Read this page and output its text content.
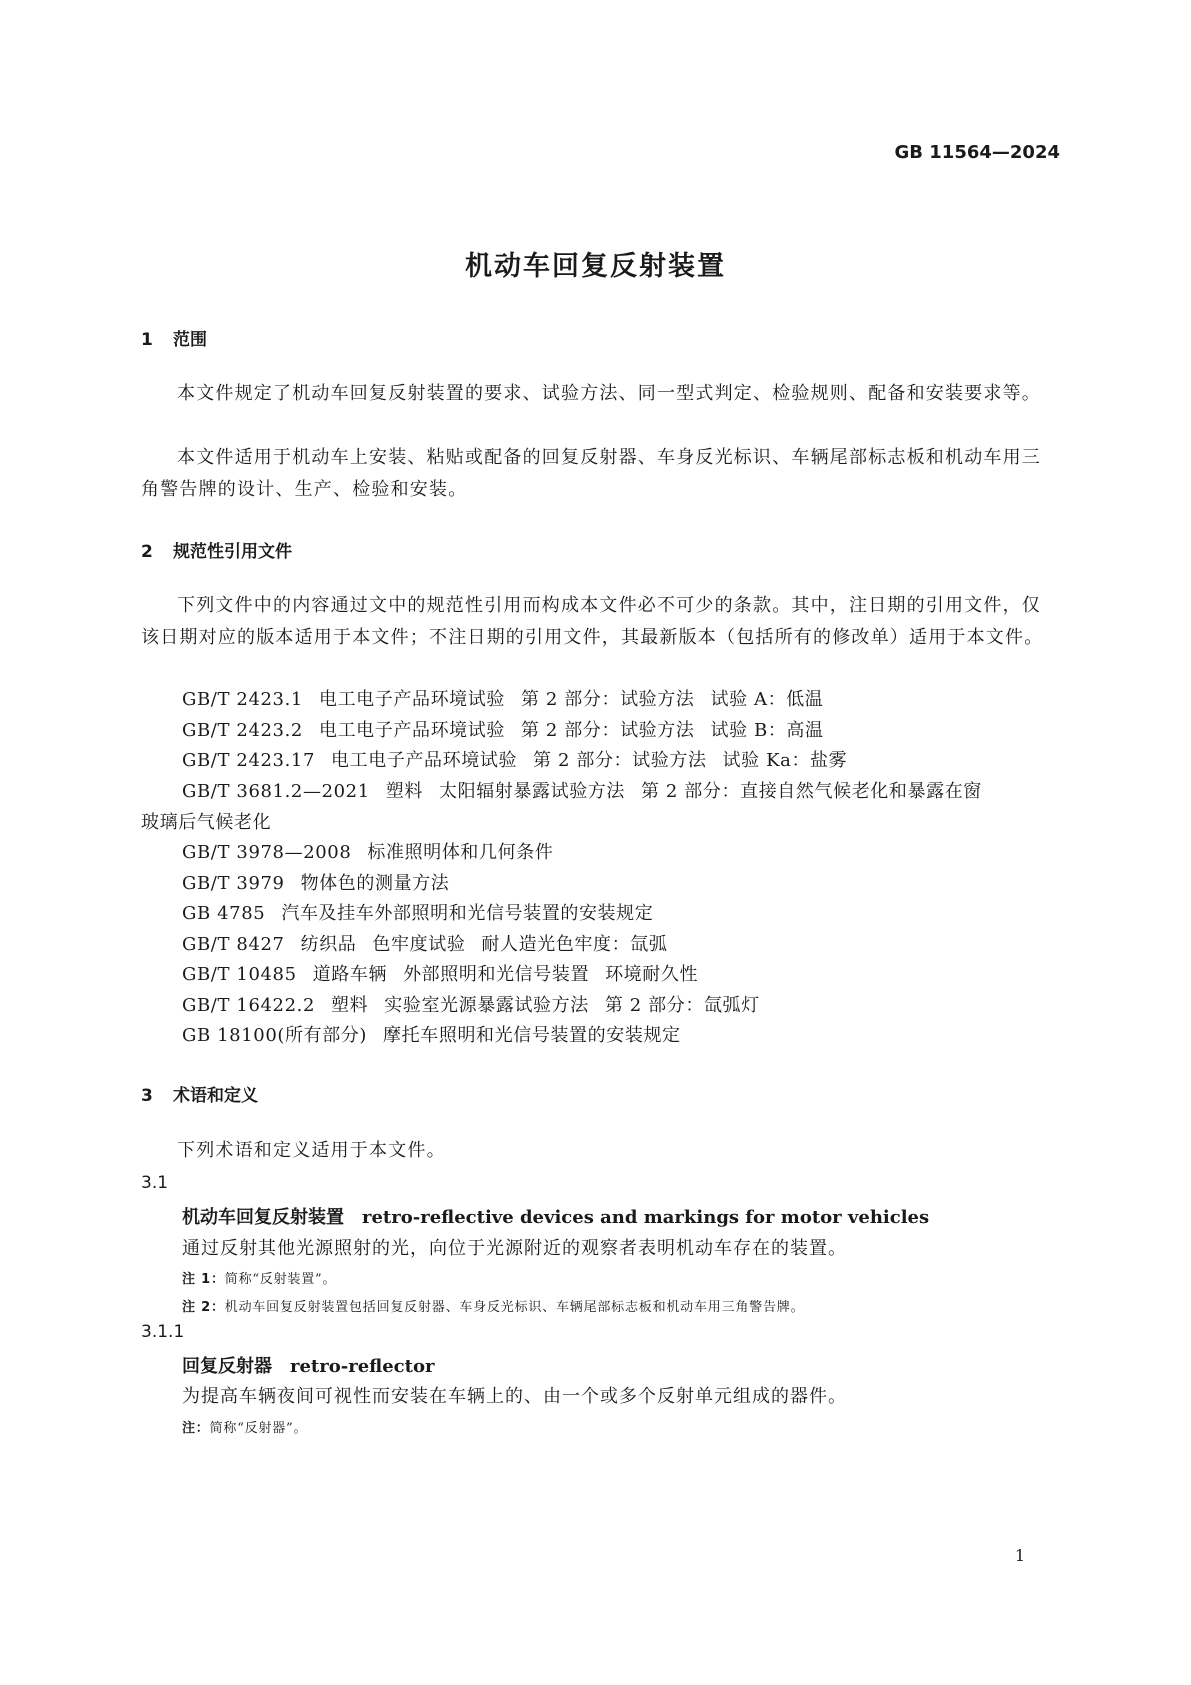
GB 11564—2024
机动车回复反射装置
1 范围
本文件规定了机动车回复反射装置的要求、试验方法、同一型式判定、检验规则、配备和安装要求等。
本文件适用于机动车上安装、粘贴或配备的回复反射器、车身反光标识、车辆尾部标志板和机动车用三角警告牌的设计、生产、检验和安装。
2 规范性引用文件
下列文件中的内容通过文中的规范性引用而构成本文件必不可少的条款。其中，注日期的引用文件，仅该日期对应的版本适用于本文件；不注日期的引用文件，其最新版本（包括所有的修改单）适用于本文件。
GB/T 2423.1 电工电子产品环境试验 第 2 部分：试验方法 试验 A：低温
GB/T 2423.2 电工电子产品环境试验 第 2 部分：试验方法 试验 B：高温
GB/T 2423.17 电工电子产品环境试验 第 2 部分：试验方法 试验 Ka：盐雾
GB/T 3681.2—2021 塑料 太阳辐射暴露试验方法 第 2 部分：直接自然气候老化和暴露在窗
玻璃后气候老化
GB/T 3978—2008 标准照明体和几何条件
GB/T 3979 物体色的测量方法
GB 4785 汽车及挂车外部照明和光信号装置的安装规定
GB/T 8427 纺织品 色牢度试验 耐人造光色牢度：氙弧
GB/T 10485 道路车辆 外部照明和光信号装置 环境耐久性
GB/T 16422.2 塑料 实验室光源暴露试验方法 第 2 部分：氙弧灯
GB 18100(所有部分) 摩托车照明和光信号装置的安装规定
3 术语和定义
下列术语和定义适用于本文件。
3.1
机动车回复反射装置 retro-reflective devices and markings for motor vehicles
通过反射其他光源照射的光，向位于光源附近的观察者表明机动车存在的装置。
注 1：简称“反射装置”。
注 2：机动车回复反射装置包括回复反射器、车身反光标识、车辆尾部标志板和机动车用三角警告牌。
3.1.1
回复反射器 retro-reflector
为提高车辆夜间可视性而安装在车辆上的、由一个或多个反射单元组成的器件。
注：简称“反射器”。
1
